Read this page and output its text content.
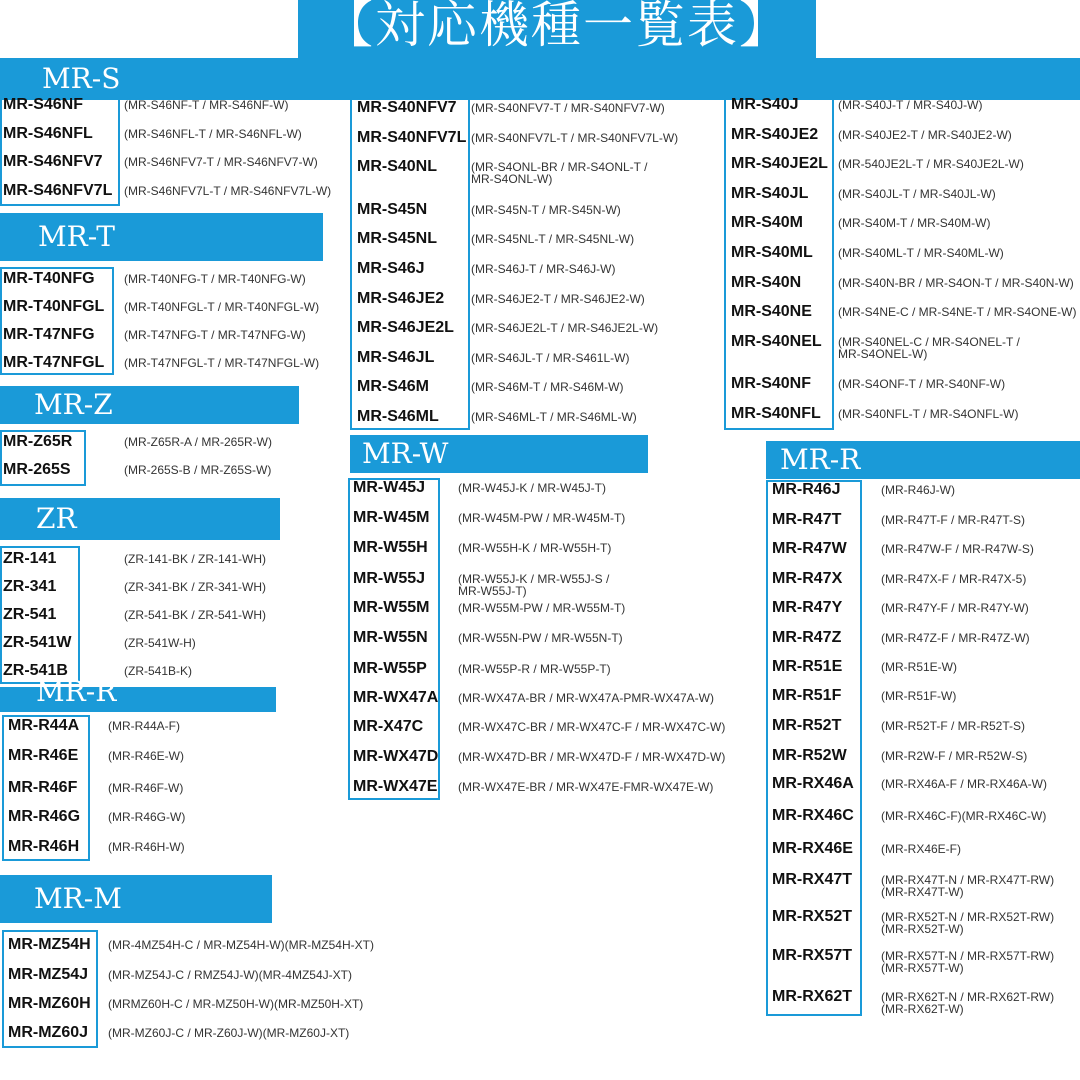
【対応機種一覧表】
MR-S
MR-S46NF	(MR-S46NF-T / MR-S46NF-W)
MR-S46NFL	(MR-S46NFL-T / MR-S46NFL-W)
MR-S46NFV7 (MR-S46NFV7-T / MR-S46NFV7-W)
MR-S46NFV7L (MR-S46NFV7L-T / MR-S46NFV7L-W)
MR-S40NFV7 (MR-S40NFV7-T / MR-S40NFV7-W)
MR-S40NFV7L (MR-S40NFV7L-T / MR-S40NFV7L-W)
MR-S40NL	(MR-S4ONL-BR / MR-S4ONL-T /
MR-S4ONL-W)
MR-S45N	(MR-S45N-T / MR-S45N-W)
MR-S45NL	(MR-S45NL-T / MR-S45NL-W)
MR-S46J	(MR-S46J-T / MR-S46J-W)
MR-S46JE2 (MR-S46JE2-T / MR-S46JE2-W)
MR-S46JE2L (MR-S46JE2L-T / MR-S46JE2L-W)
MR-S46JL	(MR-S46JL-T / MR-S461L-W)
MR-S46M	(MR-S46M-T / MR-S46M-W)
MR-S46ML	(MR-S46ML-T / MR-S46ML-W)
MR-S40J	(MR-S40J-T / MR-S40J-W)
MR-S40JE2 (MR-S40JE2-T / MR-S40JE2-W)
MR-S40JE2L (MR-540JE2L-T / MR-S40JE2L-W)
MR-S40JL (MR-S40JL-T / MR-S40JL-W)
MR-S40M	(MR-S40M-T / MR-S40M-W)
MR-S40ML (MR-S40ML-T / MR-S40ML-W)
MR-S40N	(MR-S40N-BR / MR-S4ON-T / MR-S40N-W)
MR-S40NE (MR-S4NE-C / MR-S4NE-T / MR-S4ONE-W)
MR-S40NEL (MR-S40NEL-C / MR-S4ONEL-T /
MR-S4ONEL-W)
MR-S40NF (MR-S4ONF-T / MR-S40NF-W)
MR-S40NFL (MR-S40NFL-T / MR-S4ONFL-W)
MR-T
MR-T40NFG (MR-T40NFG-T / MR-T40NFG-W)
MR-T40NFGL (MR-T40NFGL-T / MR-T40NFGL-W)
MR-T47NFG (MR-T47NFG-T / MR-T47NFG-W)
MR-T47NFGL (MR-T47NFGL-T / MR-T47NFGL-W)
MR-Z
MR-Z65R	(MR-Z65R-A / MR-265R-W)
MR-265S	(MR-265S-B / MR-Z65S-W)
ZR
ZR-141	(ZR-141-BK / ZR-141-WH)
ZR-341	(ZR-341-BK / ZR-341-WH)
ZR-541	(ZR-541-BK / ZR-541-WH)
ZR-541W	(ZR-541W-H)
ZR-541B	(ZR-541B-K)
MR-R
MR-R44A (MR-R44A-F)
MR-R46E (MR-R46E-W)
MR-R46F	(MR-R46F-W)
MR-R46G (MR-R46G-W)
MR-R46H (MR-R46H-W)
MR-M
MR-MZ54H (MR-4MZ54H-C / MR-MZ54H-W)(MR-MZ54H-XT)
MR-MZ54J (MR-MZ54J-C / RMZ54J-W)(MR-4MZ54J-XT)
MR-MZ60H (MRMZ60H-C / MR-MZ50H-W)(MR-MZ50H-XT)
MR-MZ60J (MR-MZ60J-C / MR-Z60J-W)(MR-MZ60J-XT)
MR-W
MR-W45J	(MR-W45J-K / MR-W45J-T)
MR-W45M (MR-W45M-PW / MR-W45M-T)
MR-W55H	(MR-W55H-K / MR-W55H-T)
MR-W55J	(MR-W55J-K / MR-W55J-S /
MR-W55J-T)
MR-W55M (MR-W55M-PW / MR-W55M-T)
MR-W55N	(MR-W55N-PW / MR-W55N-T)
MR-W55P	(MR-W55P-R / MR-W55P-T)
MR-WX47A (MR-WX47A-BR / MR-WX47A-PMR-WX47A-W)
MR-X47C	(MR-WX47C-BR / MR-WX47C-F / MR-WX47C-W)
MR-WX47D (MR-WX47D-BR / MR-WX47D-F / MR-WX47D-W)
MR-WX47E (MR-WX47E-BR / MR-WX47E-FMR-WX47E-W)
MR-R
MR-R46J	(MR-R46J-W)
MR-R47T	(MR-R47T-F / MR-R47T-S)
MR-R47W	(MR-R47W-F / MR-R47W-S)
MR-R47X	(MR-R47X-F / MR-R47X-5)
MR-R47Y	(MR-R47Y-F / MR-R47Y-W)
MR-R47Z	(MR-R47Z-F / MR-R47Z-W)
MR-R51E	(MR-R51E-W)
MR-R51F	(MR-R51F-W)
MR-R52T	(MR-R52T-F / MR-R52T-S)
MR-R52W	(MR-R2W-F / MR-R52W-S)
MR-RX46A (MR-RX46A-F / MR-RX46A-W)
MR-RX46C (MR-RX46C-F)(MR-RX46C-W)
MR-RX46E (MR-RX46E-F)
MR-RX47T (MR-RX47T-N / MR-RX47T-RW)
(MR-RX47T-W)
MR-RX52T (MR-RX52T-N / MR-RX52T-RW)
(MR-RX52T-W)
MR-RX57T (MR-RX57T-N / MR-RX57T-RW)
(MR-RX57T-W)
MR-RX62T (MR-RX62T-N / MR-RX62T-RW)
(MR-RX62T-W)
